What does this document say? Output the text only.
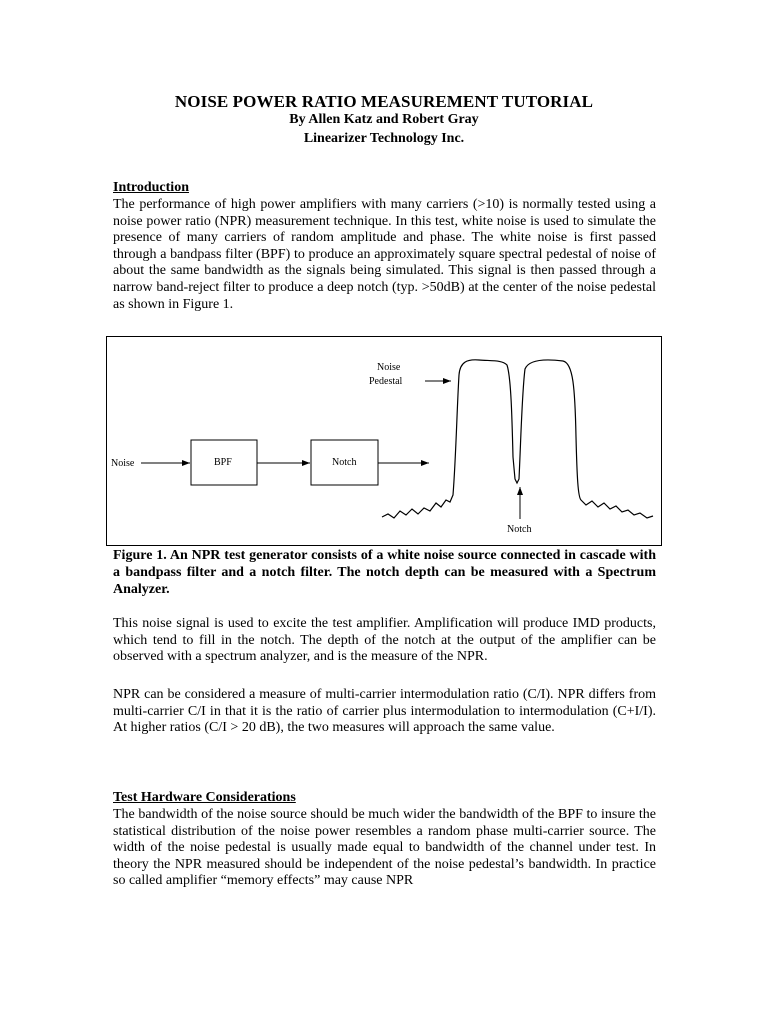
NOISE POWER RATIO MEASUREMENT TUTORIAL
By Allen Katz and Robert Gray
Linearizer Technology Inc.
Introduction
The performance of high power amplifiers with many carriers (>10) is normally tested using a noise power ratio (NPR) measurement technique. In this test, white noise is used to simulate the presence of many carriers of random amplitude and phase. The white noise is first passed through a bandpass filter (BPF) to produce an approximately square spectral pedestal of noise of about the same bandwidth as the signals being simulated. This signal is then passed through a narrow band-reject filter to produce a deep notch (typ. >50dB) at the center of the noise pedestal as shown in Figure 1.
Noise	BPF	Notch
Noise
Pedestal
Notch
Figure 1. An NPR test generator consists of a white noise source connected in cascade with a bandpass filter and a notch filter. The notch depth can be measured with a Spectrum Analyzer.
This noise signal is used to excite the test amplifier. Amplification will produce IMD products, which tend to fill in the notch. The depth of the notch at the output of the amplifier can be observed with a spectrum analyzer, and is the measure of the NPR.
NPR can be considered a measure of multi-carrier intermodulation ratio (C/I). NPR differs from multi-carrier C/I in that it is the ratio of carrier plus intermodulation to intermodulation (C+I/I). At higher ratios (C/I > 20 dB), the two measures will approach the same value.
Test Hardware Considerations
The bandwidth of the noise source should be much wider the bandwidth of the BPF to insure the statistical distribution of the noise power resembles a random phase multi-carrier source. The width of the noise pedestal is usually made equal to bandwidth of the channel under test. In theory the NPR measured should be independent of the noise pedestal’s bandwidth. In practice so called amplifier “memory effects” may cause NPR
